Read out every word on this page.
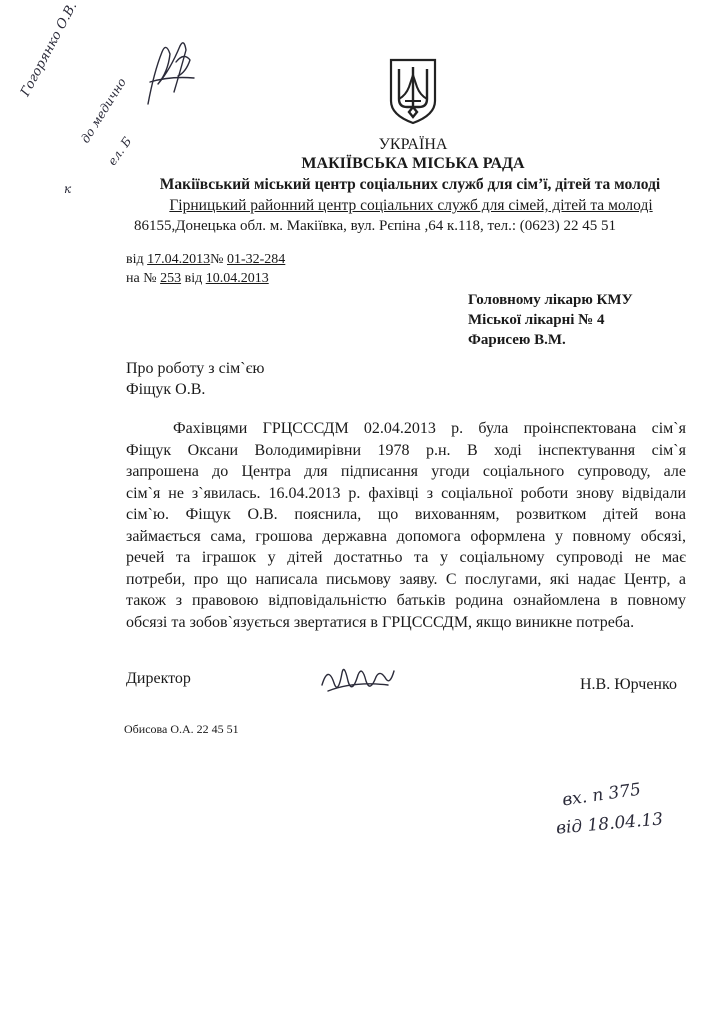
УКРАЇНА
МАКІЇВСЬКА МІСЬКА РАДА
Макіївський міський центр соціальних служб для сім’ї, дітей та молоді
Гірницький районний центр соціальних служб для сімей, дітей та молоді
86155,Донецька обл. м. Макіївка, вул. Рєпіна ,64 к.118, тел.: (0623) 22 45 51
від 17.04.2013№ 01-32-284
на № 253 від 10.04.2013
Головному лікарю КМУ
Міської лікарні № 4
Фарисею В.М.
Про роботу з сім`єю
Фіщук О.В.
Фахівцями ГРЦСССДМ 02.04.2013 р. була проінспектована сім`я
Фіщук Оксани Володимирівни 1978 р.н. В ході інспектування сім`я
запрошена до Центра для підписання угоди соціального супроводу, але
сім`я не з`явилась. 16.04.2013 р. фахівці з соціальної роботи знову відвідали
сім`ю. Фіщук О.В. пояснила, що вихованням, розвитком дітей вона
займається сама, грошова державна допомога оформлена у повному обсязі,
речей та іграшок у дітей достатньо та у соціальному супроводі не має
потреби, про що написала письмову заяву. С послугами, які надає Центр, а
також з правовою відповідальністю батьків родина ознайомлена в повному
обсязі та зобов`язується звертатися в ГРЦСССДМ, якщо виникне потреба.
Директор	Н.В. Юрченко
Обисова О.А. 22 45 51
Гогорянко О.В.
до медично
ел. Б
к
вх. п 375
від 18.04.13
